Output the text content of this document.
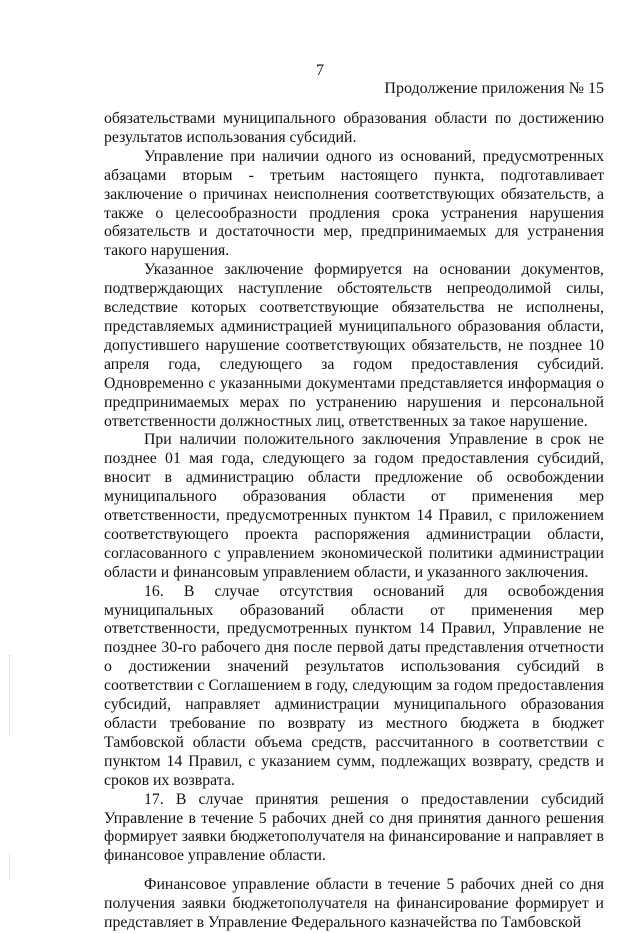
7
Продолжение приложения № 15

обязательствами муниципального образования области по достижению результатов использования субсидий.

Управление при наличии одного из оснований, предусмотренных абзацами вторым - третьим настоящего пункта, подготавливает заключение о причинах неисполнения соответствующих обязательств, а также о целесообразности продления срока устранения нарушения обязательств и достаточности мер, предпринимаемых для устранения такого нарушения.

Указанное заключение формируется на основании документов, подтверждающих наступление обстоятельств непреодолимой силы, вследствие которых соответствующие обязательства не исполнены, представляемых администрацией муниципального образования области, допустившего нарушение соответствующих обязательств, не позднее 10 апреля года, следующего за годом предоставления субсидий. Одновременно с указанными документами представляется информация о предпринимаемых мерах по устранению нарушения и персональной ответственности должностных лиц, ответственных за такое нарушение.

При наличии положительного заключения Управление в срок не позднее 01 мая года, следующего за годом предоставления субсидий, вносит в администрацию области предложение об освобождении муниципального образования области от применения мер ответственности, предусмотренных пунктом 14 Правил, с приложением соответствующего проекта распоряжения администрации области, согласованного с управлением экономической политики администрации области и финансовым управлением области, и указанного заключения.

16. В случае отсутствия оснований для освобождения муниципальных образований области от применения мер ответственности, предусмотренных пунктом 14 Правил, Управление не позднее 30-го рабочего дня после первой даты представления отчетности о достижении значений результатов использования субсидий в соответствии с Соглашением в году, следующим за годом предоставления субсидий, направляет администрации муниципального образования области требование по возврату из местного бюджета в бюджет Тамбовской области объема средств, рассчитанного в соответствии с пунктом 14 Правил, с указанием сумм, подлежащих возврату, средств и сроков их возврата.

17. В случае принятия решения о предоставлении субсидий Управление в течение 5 рабочих дней со дня принятия данного решения формирует заявки бюджетополучателя на финансирование и направляет в финансовое управление области.

Финансовое управление области в течение 5 рабочих дней со дня получения заявки бюджетополучателя на финансирование формирует и представляет в Управление Федерального казначейства по Тамбовской
